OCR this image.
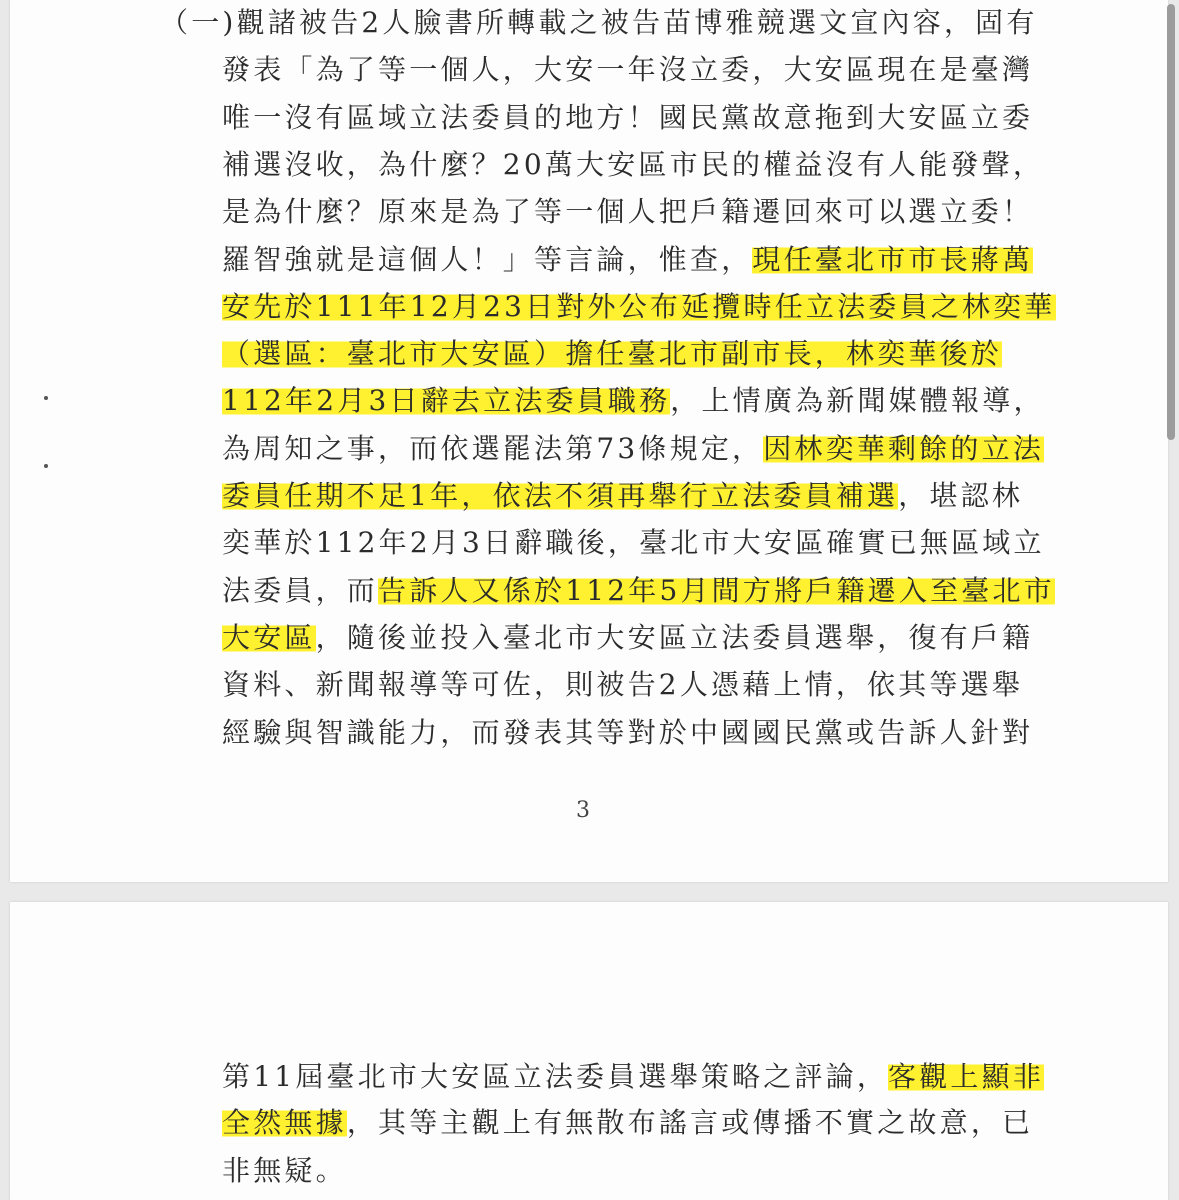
（一)觀諸被告2人臉書所轉載之被告苗博雅競選文宣內容，固有
發表「為了等一個人，大安一年沒立委，大安區現在是臺灣
唯一沒有區域立法委員的地方！國民黨故意拖到大安區立委
補選沒收，為什麼？20萬大安區市民的權益沒有人能發聲，
是為什麼？原來是為了等一個人把戶籍遷回來可以選立委！
羅智強就是這個人！」等言論，惟查，現任臺北市市長蔣萬
安先於111年12月23日對外公布延攬時任立法委員之林奕華
（選區：臺北市大安區）擔任臺北市副市長，林奕華後於
112年2月3日辭去立法委員職務，上情廣為新聞媒體報導，
為周知之事，而依選罷法第73條規定，因林奕華剩餘的立法
委員任期不足1年，依法不須再舉行立法委員補選，堪認林
奕華於112年2月3日辭職後，臺北市大安區確實已無區域立
法委員，而告訴人又係於112年5月間方將戶籍遷入至臺北市
大安區，隨後並投入臺北市大安區立法委員選舉，復有戶籍
資料、新聞報導等可佐，則被告2人憑藉上情，依其等選舉
經驗與智識能力，而發表其等對於中國國民黨或告訴人針對
3
第11屆臺北市大安區立法委員選舉策略之評論，客觀上顯非
全然無據，其等主觀上有無散布謠言或傳播不實之故意，已
非無疑。
